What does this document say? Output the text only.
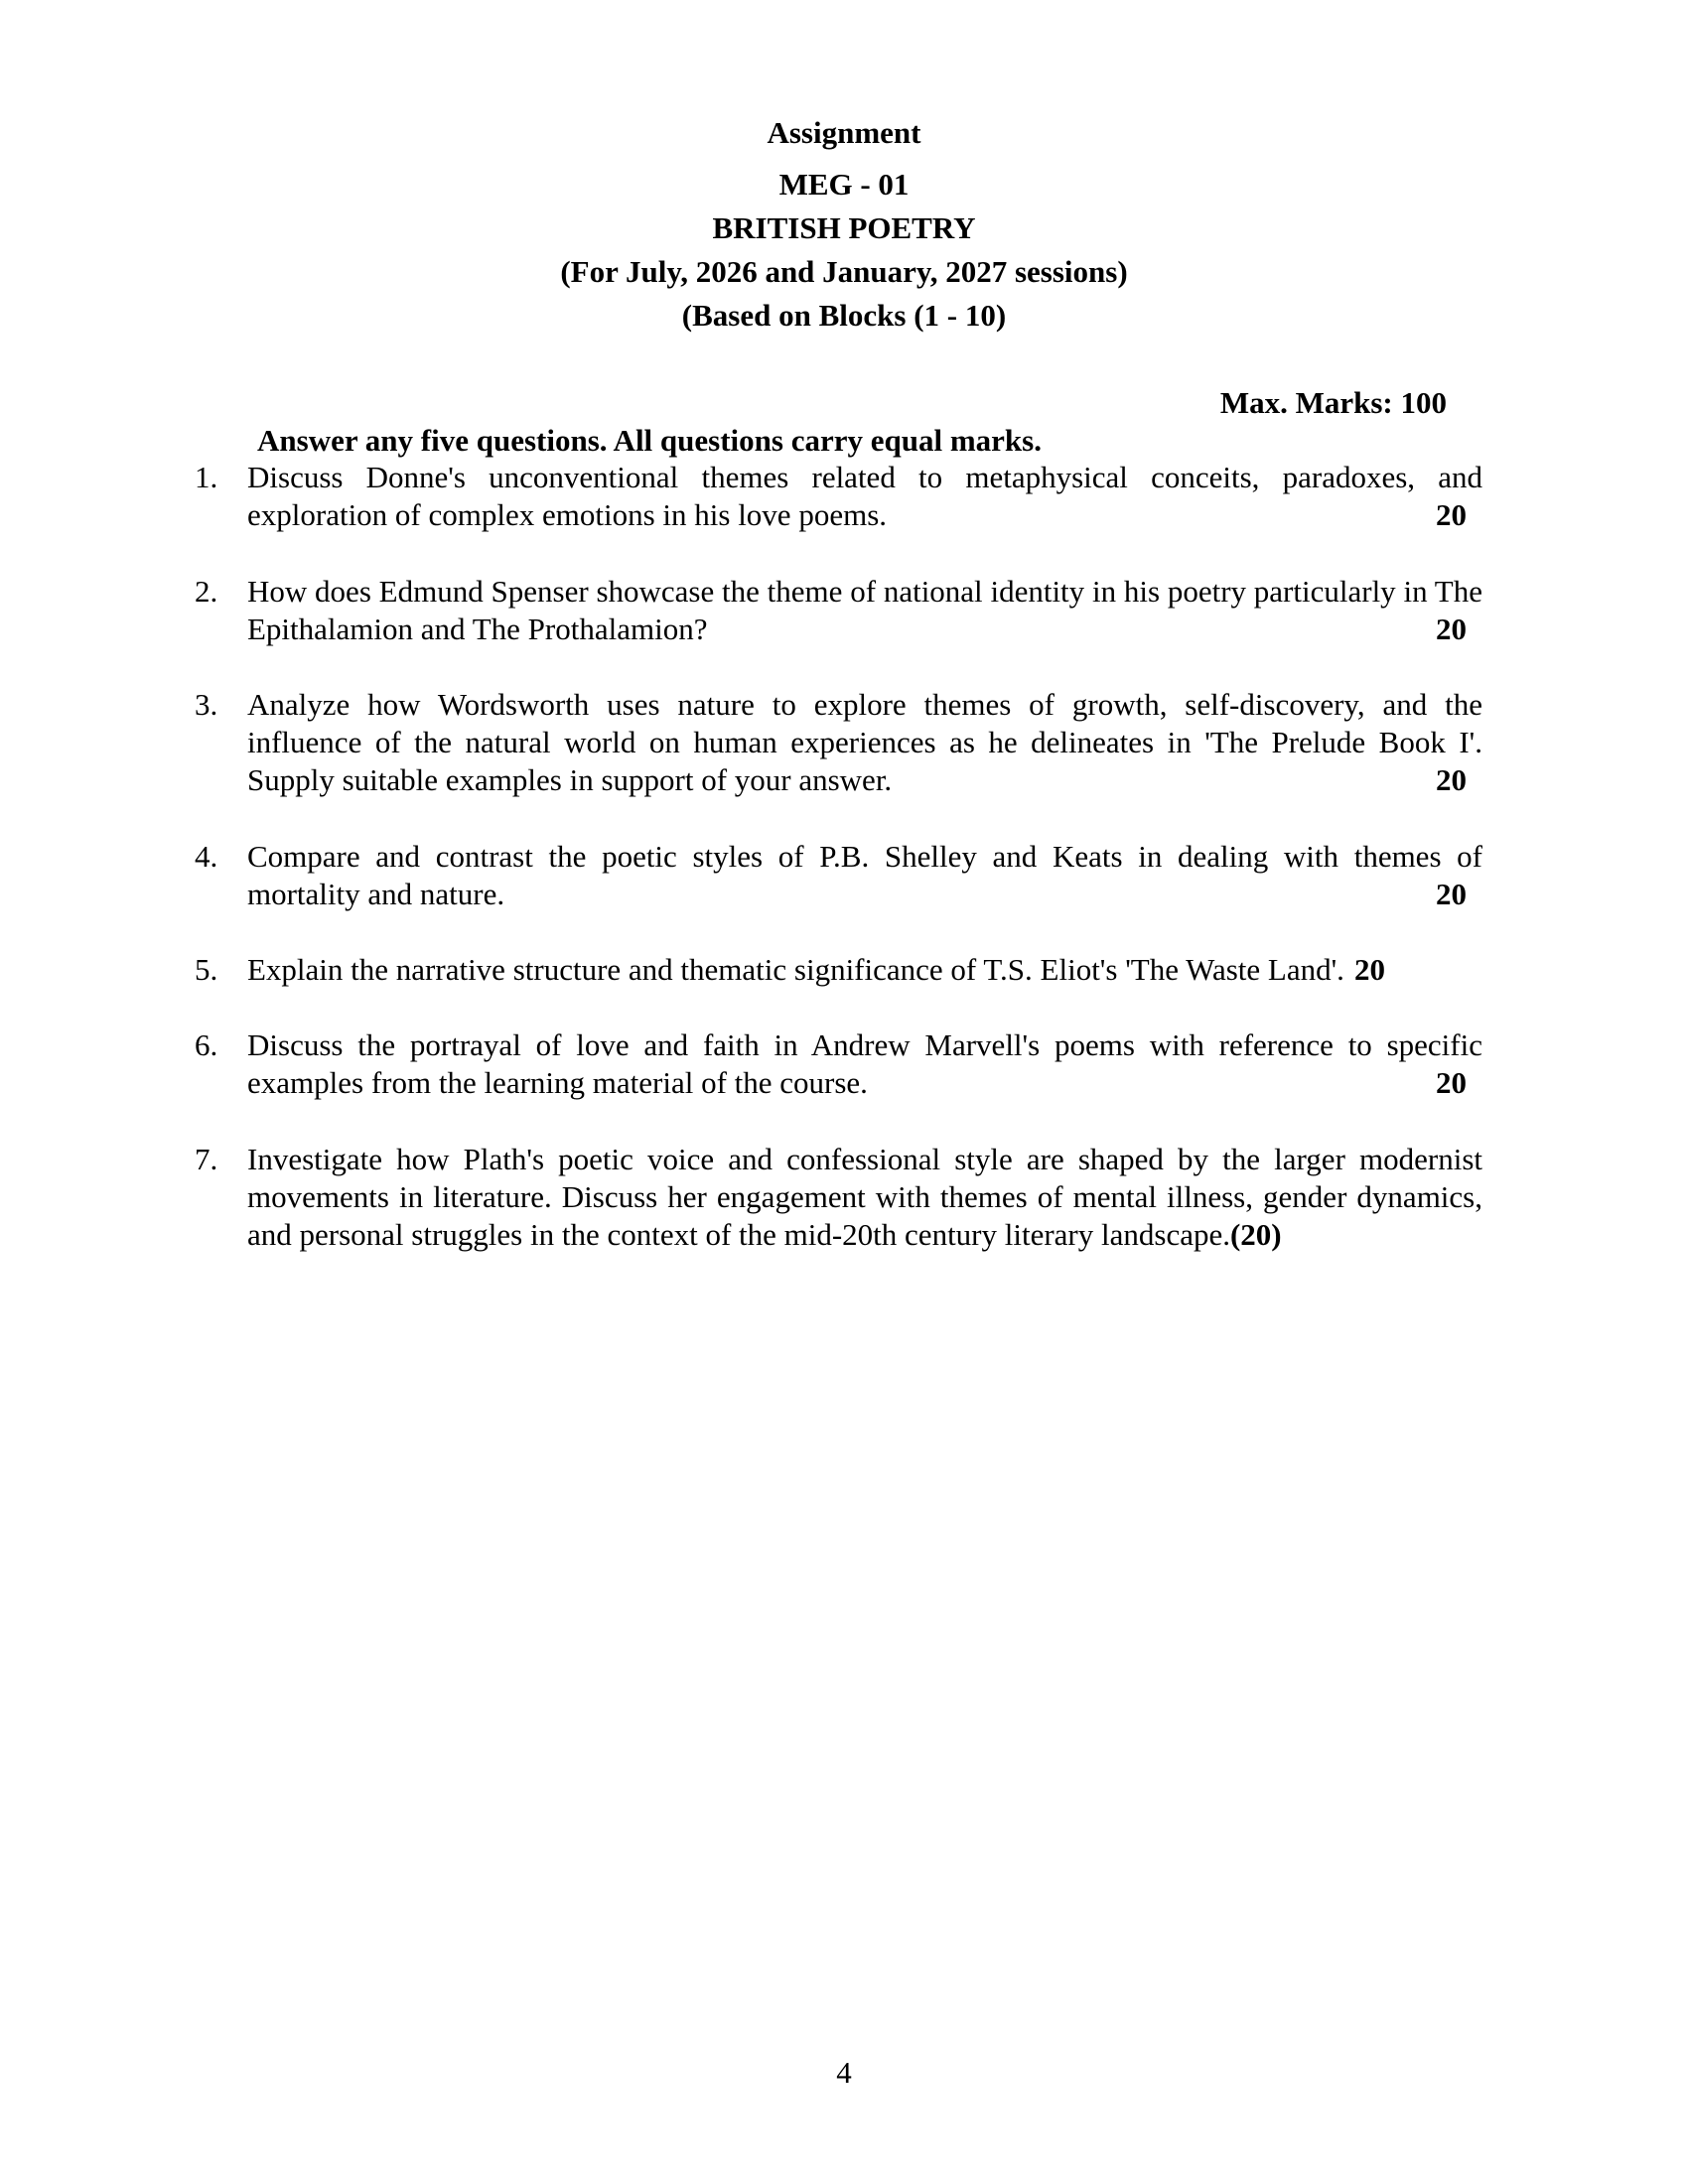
Assignment
MEG - 01
BRITISH POETRY
(For July, 2026 and January, 2027 sessions)
(Based on Blocks (1 - 10)
Max. Marks: 100
Answer any five questions. All questions carry equal marks.
1. Discuss Donne's unconventional themes related to metaphysical conceits, paradoxes, and exploration of complex emotions in his love poems.	20
2. How does Edmund Spenser showcase the theme of national identity in his poetry particularly in The Epithalamion and The Prothalamion?	20
3. Analyze how Wordsworth uses nature to explore themes of growth, self-discovery, and the influence of the natural world on human experiences as he delineates in 'The Prelude Book I'. Supply suitable examples in support of your answer.	20
4. Compare and contrast the poetic styles of P.B. Shelley and Keats in dealing with themes of mortality and nature.	20
5. Explain the narrative structure and thematic significance of T.S. Eliot's 'The Waste Land'. 20
6. Discuss the portrayal of love and faith in Andrew Marvell's poems with reference to specific examples from the learning material of the course.	20
7. Investigate how Plath's poetic voice and confessional style are shaped by the larger modernist movements in literature. Discuss her engagement with themes of mental illness, gender dynamics, and personal struggles in the context of the mid-20th century literary landscape.(20)
4
